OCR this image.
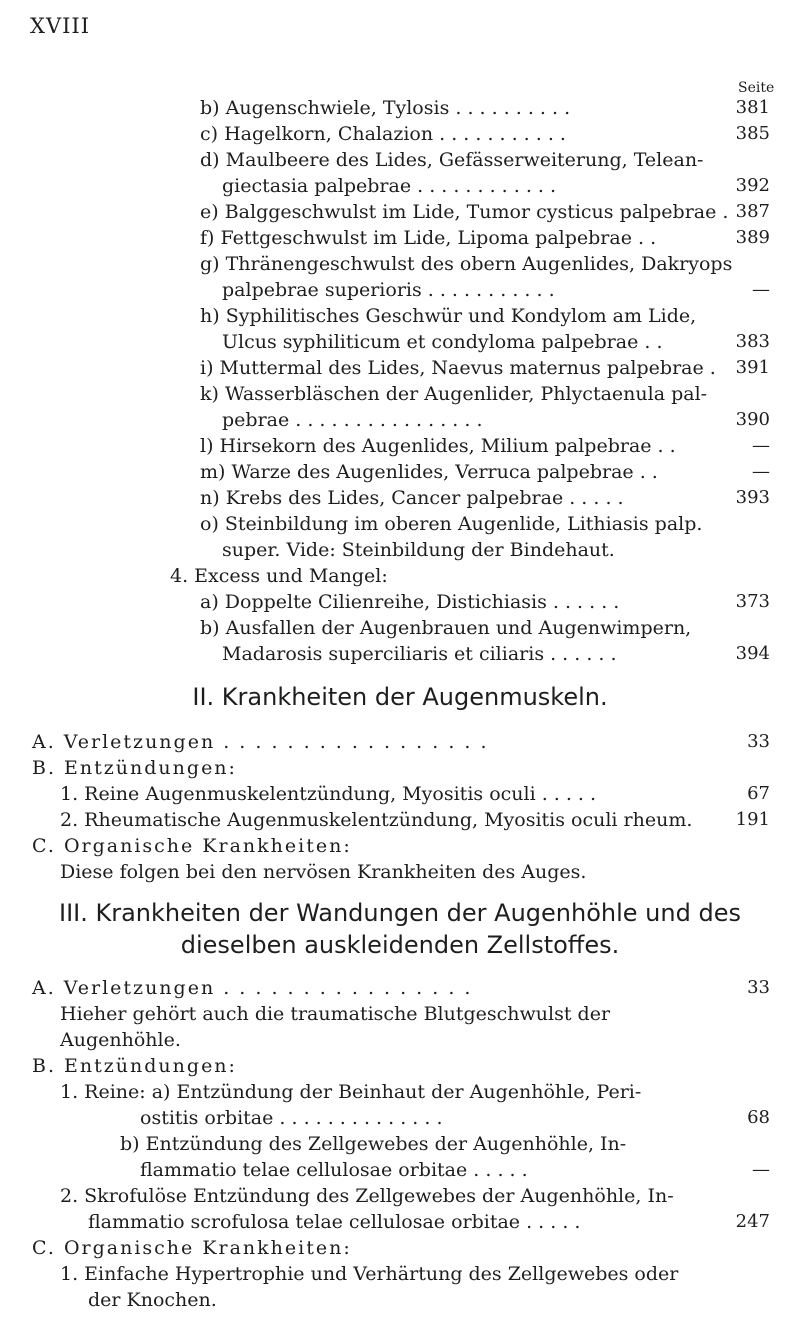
XVIII
Seite
b) Augenschwiele, Tylosis . . . . . . . . . .	381
c) Hagelkorn, Chalazion . . . . . . . . . . .	385
d) Maulbeere des Lides, Gefässerweiterung, Telean-
giectasia palpebrae . . . . . . . . . . . .	392
e) Balggeschwulst im Lide, Tumor cysticus palpebrae . 387
f) Fettgeschwulst im Lide, Lipoma palpebrae . .	389
g) Thränengeschwulst des obern Augenlides, Dakryops
palpebrae superioris . . . . . . . . . . .	—
h) Syphilitisches Geschwür und Kondylom am Lide,
Ulcus syphiliticum et condyloma palpebrae . .	383
i) Muttermal des Lides, Naevus maternus palpebrae .	391
k) Wasserbläschen der Augenlider, Phlyctaenula pal-
pebrae . . . . . . . . . . . . . . . .	390
l) Hirsekorn des Augenlides, Milium palpebrae . .	—
m) Warze des Augenlides, Verruca palpebrae . .	—
n) Krebs des Lides, Cancer palpebrae . . . . .	393
o) Steinbildung im oberen Augenlide, Lithiasis palp.
super. Vide: Steinbildung der Bindehaut.
4. Excess und Mangel:
a) Doppelte Cilienreihe, Distichiasis . . . . . .	373
b) Ausfallen der Augenbrauen und Augenwimpern,
Madarosis superciliaris et ciliaris . . . . . .	394
II. Krankheiten der Augenmuskeln.
A. Verletzungen . . . . . . . . . . . . . . . . .	33
B. Entzündungen:
1. Reine Augenmuskelentzündung, Myositis oculi . . . . .	67
2. Rheumatische Augenmuskelentzündung, Myositis oculi rheum.	191
C. Organische Krankheiten:
Diese folgen bei den nervösen Krankheiten des Auges.
III. Krankheiten der Wandungen der Augenhöhle und des
dieselben auskleidenden Zellstoffes.
A. Verletzungen . . . . . . . . . . . . . . . .	33
Hieher gehört auch die traumatische Blutgeschwulst der
Augenhöhle.
B. Entzündungen:
1. Reine: a) Entzündung der Beinhaut der Augenhöhle, Peri-
ostitis orbitae . . . . . . . . . . . . . .	68
b) Entzündung des Zellgewebes der Augenhöhle, In-
flammatio telae cellulosae orbitae . . . . .	—
2. Skrofulöse Entzündung des Zellgewebes der Augenhöhle, In-
flammatio scrofulosa telae cellulosae orbitae . . . . .	247
C. Organische Krankheiten:
1. Einfache Hypertrophie und Verhärtung des Zellgewebes oder
der Knochen.
